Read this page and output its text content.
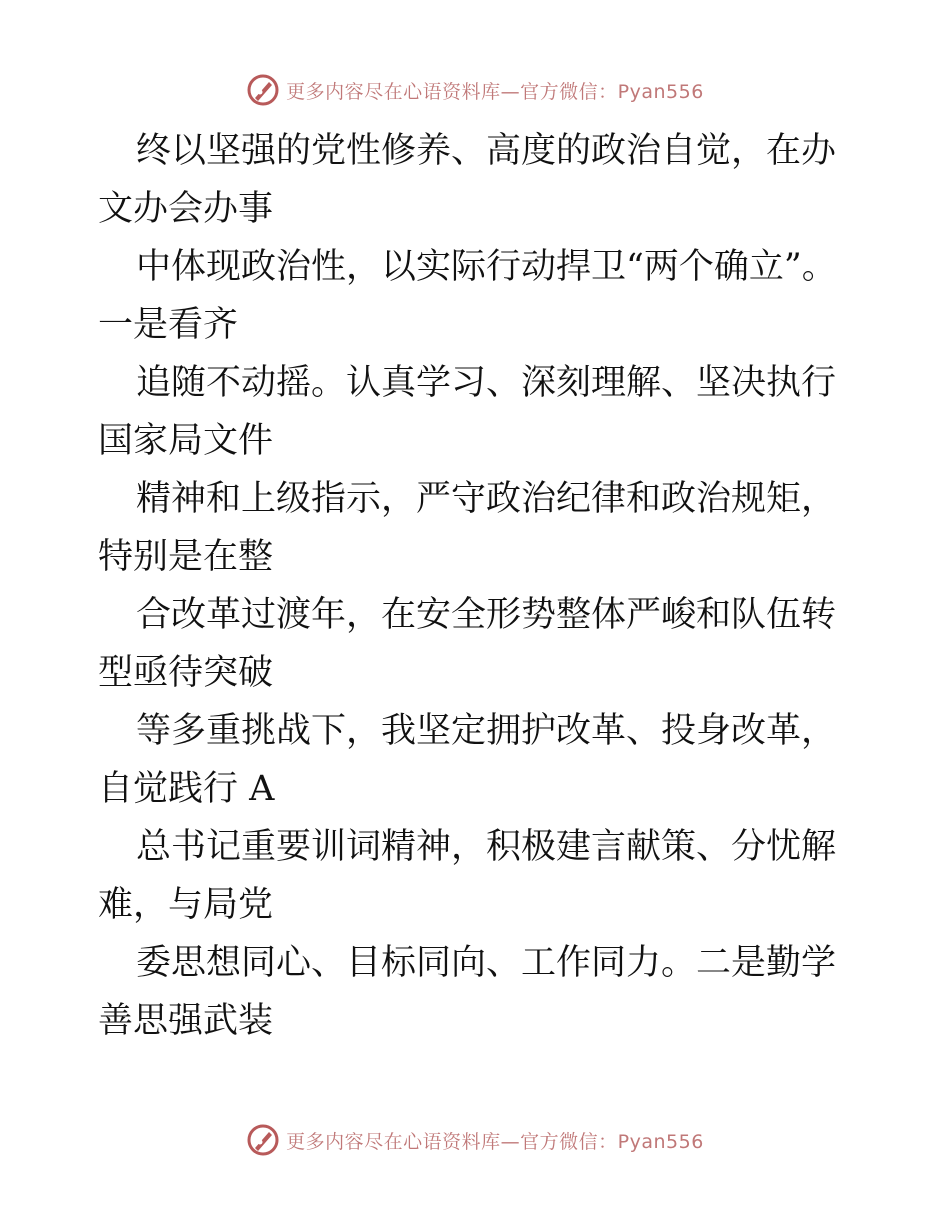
更多内容尽在心语资料库—官方微信：Pyan556

终以坚强的党性修养、高度的政治自觉，在办文办会办事

中体现政治性，以实际行动捍卫“两个确立”。一是看齐

追随不动摇。认真学习、深刻理解、坚决执行国家局文件

精神和上级指示，严守政治纪律和政治规矩，特别是在整

合改革过渡年，在安全形势整体严峻和队伍转型亟待突破

等多重挑战下，我坚定拥护改革、投身改革，自觉践行 A

总书记重要训词精神，积极建言献策、分忧解难，与局党

委思想同心、目标同向、工作同力。二是勤学善思强武装

更多内容尽在心语资料库—官方微信：Pyan556
